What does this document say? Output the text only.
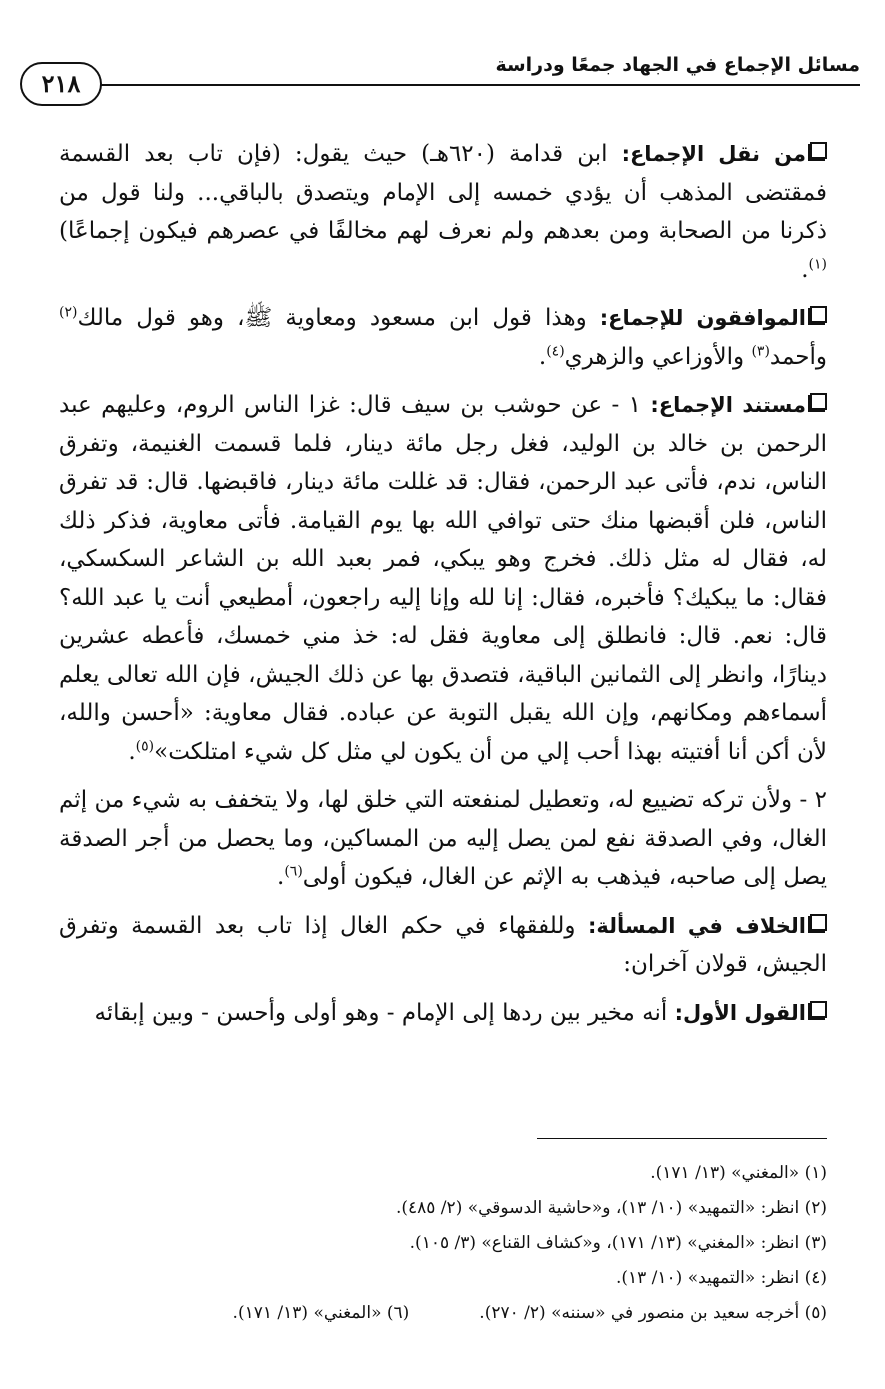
مسائل الإجماع في الجهاد جمعًا ودراسة
٢١٨

من نقل الإجماع: ابن قدامة (٦٢٠هـ) حيث يقول: (فإن تاب بعد القسمة فمقتضى المذهب أن يؤدي خمسه إلى الإمام ويتصدق بالباقي... ولنا قول من ذكرنا من الصحابة ومن بعدهم ولم نعرف لهم مخالفًا في عصرهم فيكون إجماعًا)$^{(١)}$.

الموافقون للإجماع: وهذا قول ابن مسعود ومعاوية ﷺ، وهو قول مالك$^{(٢)}$ وأحمد$^{(٣)}$ والأوزاعي والزهري$^{(٤)}$.

مستند الإجماع: ١ - عن حوشب بن سيف قال: غزا الناس الروم، وعليهم عبد الرحمن بن خالد بن الوليد، فغل رجل مائة دينار، فلما قسمت الغنيمة، وتفرق الناس، ندم، فأتى عبد الرحمن، فقال: قد غللت مائة دينار، فاقبضها. قال: قد تفرق الناس، فلن أقبضها منك حتى توافي الله بها يوم القيامة. فأتى معاوية، فذكر ذلك له، فقال له مثل ذلك. فخرج وهو يبكي، فمر بعبد الله بن الشاعر السكسكي، فقال: ما يبكيك؟ فأخبره، فقال: إنا لله وإنا إليه راجعون، أمطيعي أنت يا عبد الله؟ قال: نعم. قال: فانطلق إلى معاوية فقل له: خذ مني خمسك، فأعطه عشرين دينارًا، وانظر إلى الثمانين الباقية، فتصدق بها عن ذلك الجيش، فإن الله تعالى يعلم أسماءهم ومكانهم، وإن الله يقبل التوبة عن عباده. فقال معاوية: «أحسن والله، لأن أكن أنا أفتيته بهذا أحب إلي من أن يكون لي مثل كل شيء امتلكت»$^{(٥)}$.

٢ - ولأن تركه تضييع له، وتعطيل لمنفعته التي خلق لها، ولا يتخفف به شيء من إثم الغال، وفي الصدقة نفع لمن يصل إليه من المساكين، وما يحصل من أجر الصدقة يصل إلى صاحبه، فيذهب به الإثم عن الغال، فيكون أولى$^{(٦)}$.

الخلاف في المسألة: وللفقهاء في حكم الغال إذا تاب بعد القسمة وتفرق الجيش، قولان آخران:

القول الأول: أنه مخير بين ردها إلى الإمام - وهو أولى وأحسن - وبين إبقائه

(١) «المغني» (١٣/ ١٧١).

(٢) انظر: «التمهيد» (١٠/ ١٣)، و«حاشية الدسوقي» (٢/ ٤٨٥).

(٣) انظر: «المغني» (١٣/ ١٧١)، و«كشاف القناع» (٣/ ١٠٥).

(٤) انظر: «التمهيد» (١٠/ ١٣).

(٥) أخرجه سعيد بن منصور في «سننه» (٢/ ٢٧٠).

(٦) «المغني» (١٣/ ١٧١).
